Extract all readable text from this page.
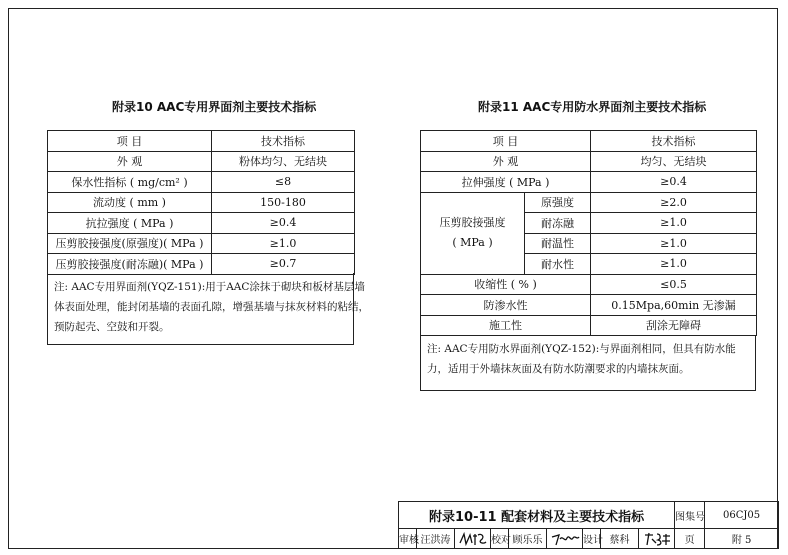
附录10 AAC专用界面剂主要技术指标
项 目	技术指标
外 观	粉体均匀、无结块
保水性指标 ( mg/cm² )	≤8
流动度 ( mm )	150-180
抗拉强度 ( MPa )	≥0.4
压剪胶接强度(原强度)( MPa )	≥1.0
压剪胶接强度(耐冻融)( MPa )	≥0.7
注: AAC专用界面剂(YQZ-151):用于AAC涂抹于砌块和板材基层墙
体表面处理，能封闭基墙的表面孔隙，增强基墙与抹灰材料的粘结，
预防起壳、空鼓和开裂。
附录11 AAC专用防水界面剂主要技术指标
项 目		技术指标
外 观		均匀、无结块
拉伸强度 ( MPa )		≥0.4

压剪胶接强度
( MPa )	原强度	≥2.0
	耐冻融	≥1.0
	耐温性	≥1.0
	耐水性	≥1.0
收缩性 ( % )		≤0.5
防渗水性		0.15Mpa,60min 无渗漏
施工性		刮涂无障碍
注: AAC专用防水界面剂(YQZ-152):与界面剂相同，但具有防水能
力，适用于外墙抹灰面及有防水防潮要求的内墙抹灰面。
附录10-11 配套材料及主要技术指标									图集号	06CJ05
审核	汪洪涛		校对	顾乐乐		设计	蔡科		页	附 5
